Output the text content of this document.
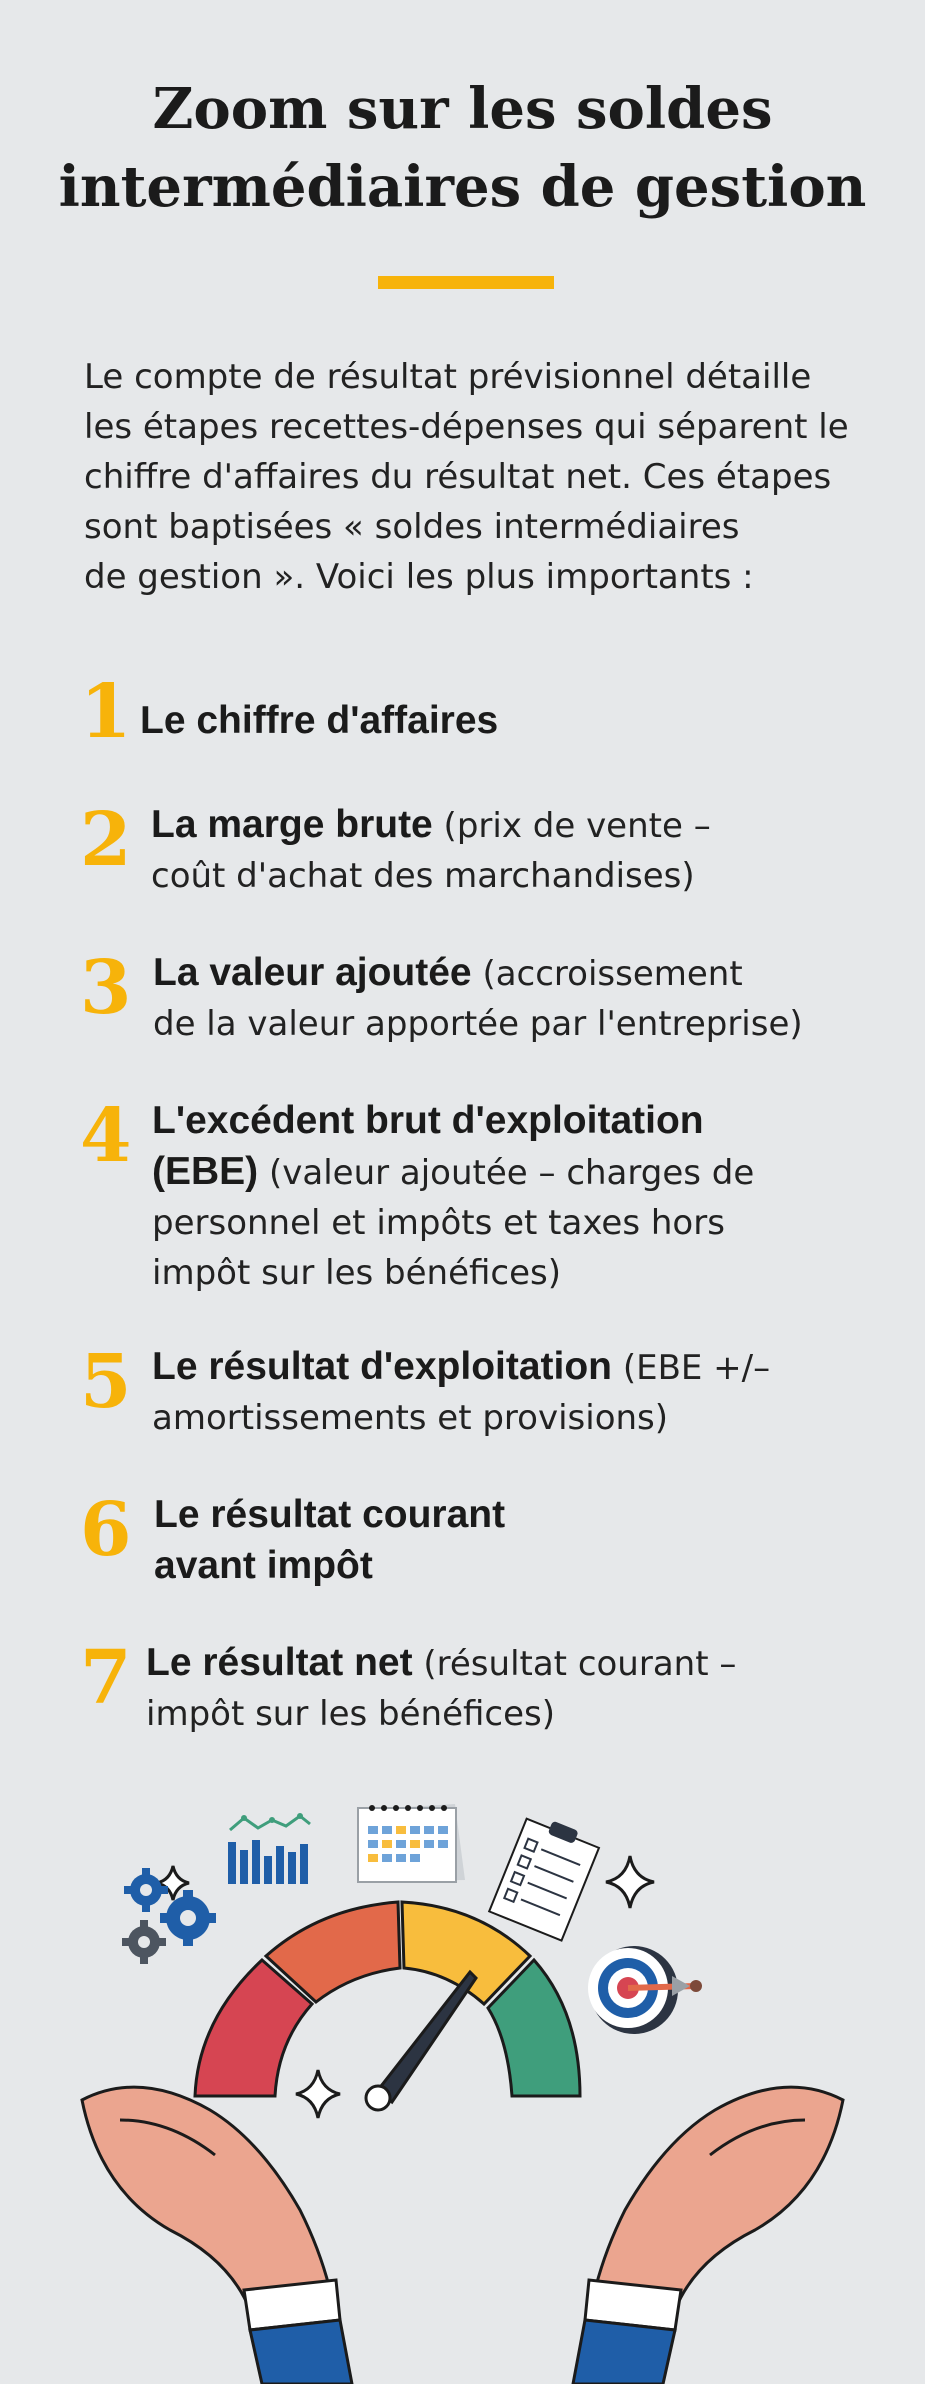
Zoom sur les soldes
intermédiaires de gestion
Le compte de résultat prévisionnel détaille
les étapes recettes-dépenses qui séparent le
chiffre d'affaires du résultat net. Ces étapes
sont baptisées « soldes intermédiaires
de gestion ». Voici les plus importants :
1 Le chiffre d'affaires
2 La marge brute (prix de vente –
coût d'achat des marchandises)
3 La valeur ajoutée (accroissement
de la valeur apportée par l'entreprise)
4 L'excédent brut d'exploitation
(EBE) (valeur ajoutée – charges de
personnel et impôts et taxes hors
impôt sur les bénéfices)
5 Le résultat d'exploitation (EBE +/–
amortissements et provisions)
6 Le résultat courant
avant impôt
7 Le résultat net (résultat courant –
impôt sur les bénéfices)
